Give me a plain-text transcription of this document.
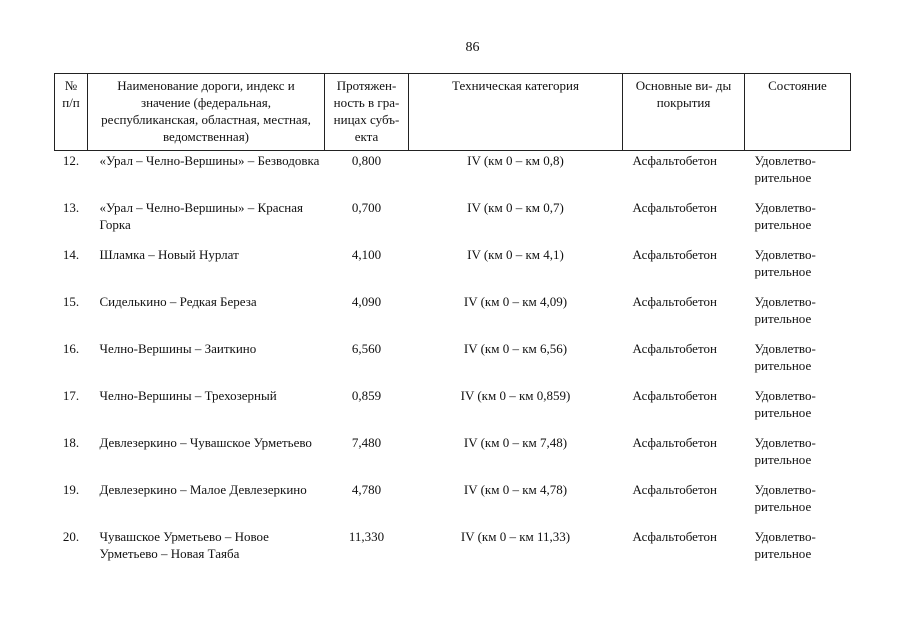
86
№ п/п	Наименование дороги, индекс и значение (федеральная, республиканская, областная, местная, ведомственная)	Протяжен- ность в гра- ницах субъ- екта	Техническая категория	Основные ви- ды покрытия	Состояние
12.	«Урал – Челно-Вершины» – Безводовка	0,800	IV (км 0 – км 0,8)	Асфальтобетон	Удовлетво- рительное
13.	«Урал – Челно-Вершины» – Красная Горка	0,700	IV (км 0 – км 0,7)	Асфальтобетон	Удовлетво- рительное
14.	Шламка – Новый Нурлат	4,100	IV (км 0 – км 4,1)	Асфальтобетон	Удовлетво- рительное
15.	Сиделькино – Редкая Береза	4,090	IV (км 0 – км 4,09)	Асфальтобетон	Удовлетво- рительное
16.	Челно-Вершины – Заиткино	6,560	IV (км 0 – км 6,56)	Асфальтобетон	Удовлетво- рительное
17.	Челно-Вершины – Трехозерный	0,859	IV (км 0 – км 0,859)	Асфальтобетон	Удовлетво- рительное
18.	Девлезеркино – Чувашское Урметьево	7,480	IV (км 0 – км 7,48)	Асфальтобетон	Удовлетво- рительное
19.	Девлезеркино – Малое Девлезеркино	4,780	IV (км 0 – км 4,78)	Асфальтобетон	Удовлетво- рительное
20.	Чувашское Урметьево – Новое Урметьево – Новая Таяба	11,330	IV (км 0 – км 11,33)	Асфальтобетон	Удовлетво- рительное
